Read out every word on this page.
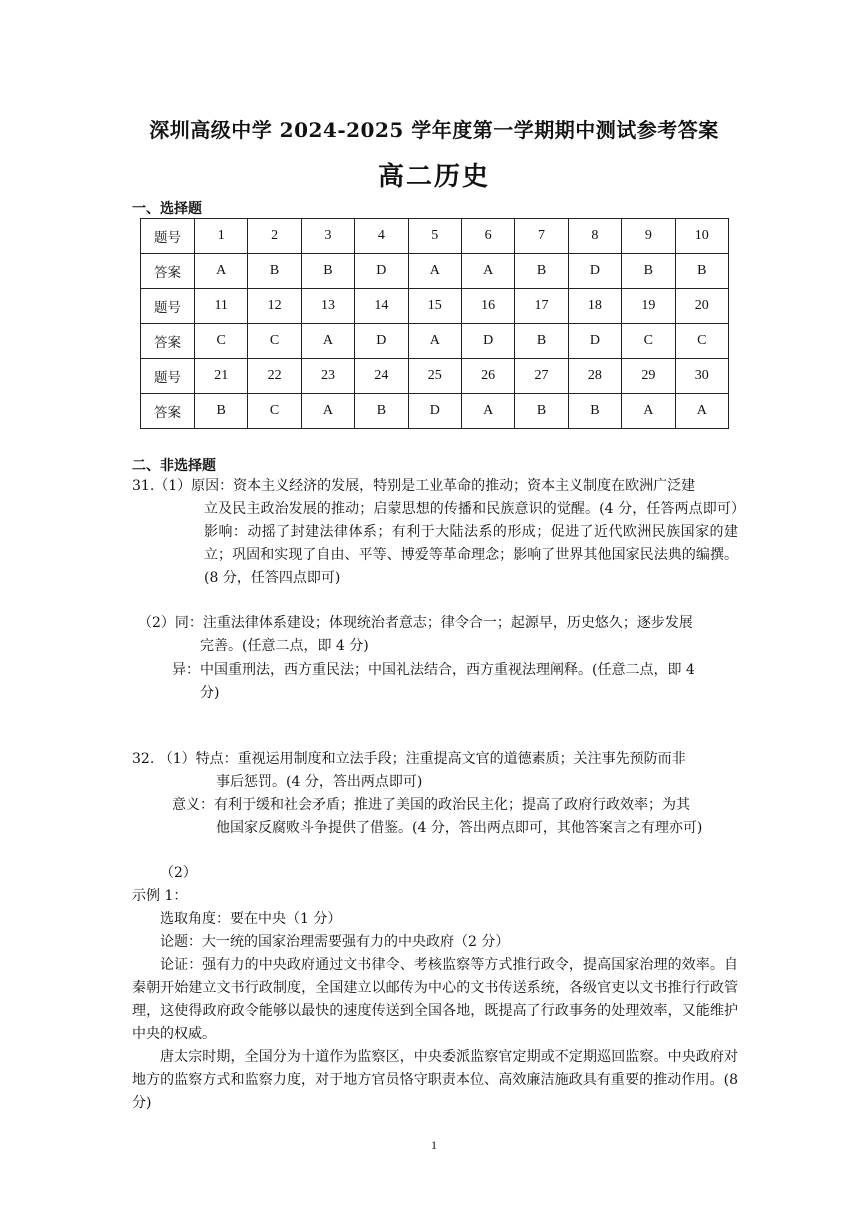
深圳高级中学 2024-2025 学年度第一学期期中测试参考答案
高二历史
一、选择题
题号	1	2	3	4	5	6	7	8	9	10
答案	A	B	B	D	A	A	B	D	B	B
题号	11	12	13	14	15	16	17	18	19	20
答案	C	C	A	D	A	D	B	D	C	C
题号	21	22	23	24	25	26	27	28	29	30
答案	B	C	A	B	D	A	B	B	A	A
二、非选择题
31.（1）原因：资本主义经济的发展，特别是工业革命的推动；资本主义制度在欧洲广泛建
立及民主政治发展的推动；启蒙思想的传播和民族意识的觉醒。(4 分，任答两点即可）影响：动摇了封建法律体系；有利于大陆法系的形成；促进了近代欧洲民族国家的建立；巩固和实现了自由、平等、博爱等革命理念；影响了世界其他国家民法典的编撰。(8 分，任答四点即可)
（2）同：注重法律体系建设；体现统治者意志；律令合一；起源早，历史悠久；逐步发展
完善。(任意二点，即 4 分)
异：中国重刑法，西方重民法；中国礼法结合，西方重视法理阐释。(任意二点，即 4
分)
32. （1）特点：重视运用制度和立法手段；注重提高文官的道德素质；关注事先预防而非
事后惩罚。(4 分，答出两点即可)
意义：有利于缓和社会矛盾；推进了美国的政治民主化；提高了政府行政效率；为其
他国家反腐败斗争提供了借鉴。(4 分，答出两点即可，其他答案言之有理亦可)
（2）
示例 1：
选取角度：要在中央（1 分）
论题：大一统的国家治理需要强有力的中央政府（2 分）
论证：强有力的中央政府通过文书律令、考核监察等方式推行政令，提高国家治理的效率。自秦朝开始建立文书行政制度，全国建立以邮传为中心的文书传送系统，各级官吏以文书推行行政管理，这使得政府政令能够以最快的速度传送到全国各地，既提高了行政事务的处理效率，又能维护中央的权威。
唐太宗时期，全国分为十道作为监察区，中央委派监察官定期或不定期巡回监察。中央政府对地方的监察方式和监察力度，对于地方官员恪守职责本位、高效廉洁施政具有重要的推动作用。(8 分)
1
